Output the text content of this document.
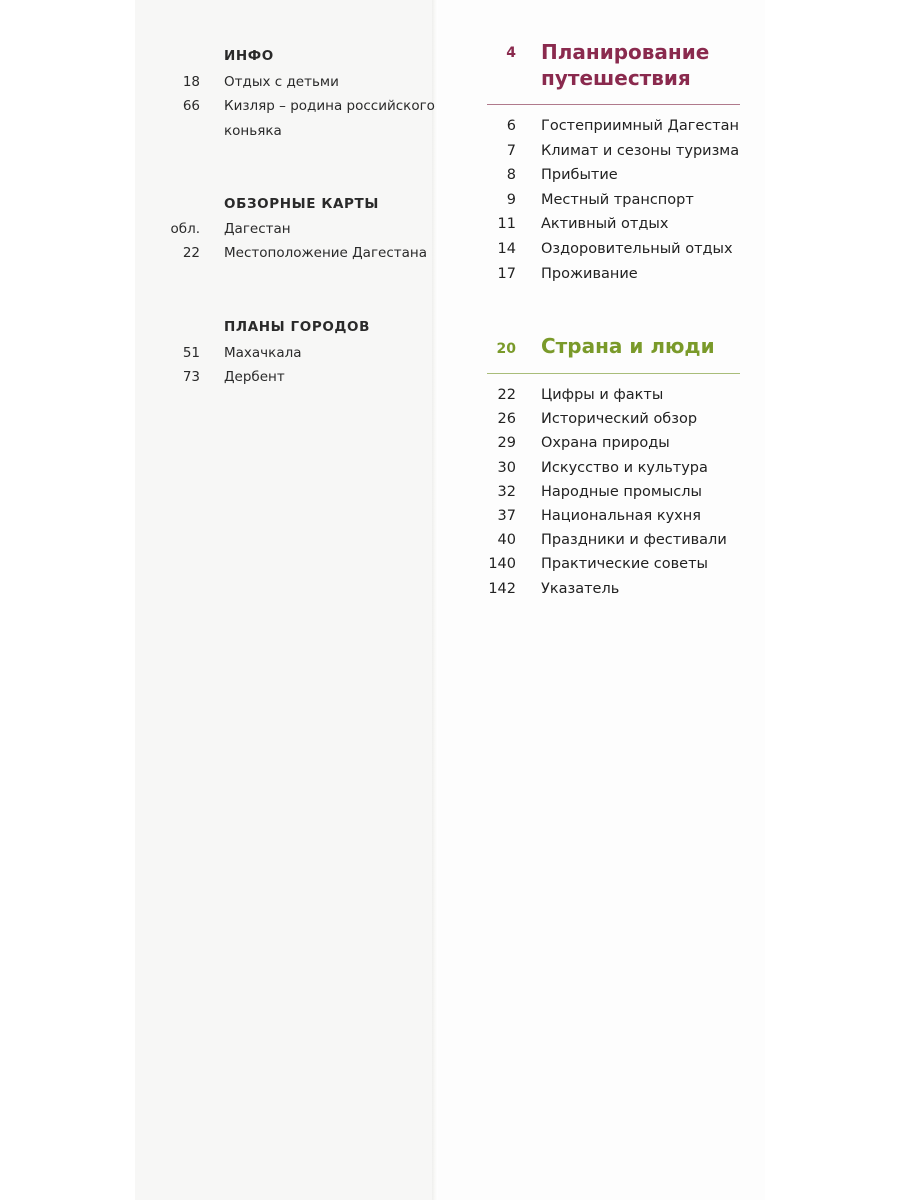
ИНФО
18 Отдых с детьми
66 Кизляр – родина российского
коньяка
ОБЗОРНЫЕ КАРТЫ
обл. Дагестан
22 Местоположение Дагестана
ПЛАНЫ ГОРОДОВ
51 Махачкала
73 Дербент
4 Планирование
путешествия
6 Гостеприимный Дагестан
7 Климат и сезоны туризма
8 Прибытие
9 Местный транспорт
11 Активный отдых
14 Оздоровительный отдых
17 Проживание
20 Страна и люди
22 Цифры и факты
26 Исторический обзор
29 Охрана природы
30 Искусство и культура
32 Народные промыслы
37 Национальная кухня
40 Праздники и фестивали
140 Практические советы
142 Указатель
